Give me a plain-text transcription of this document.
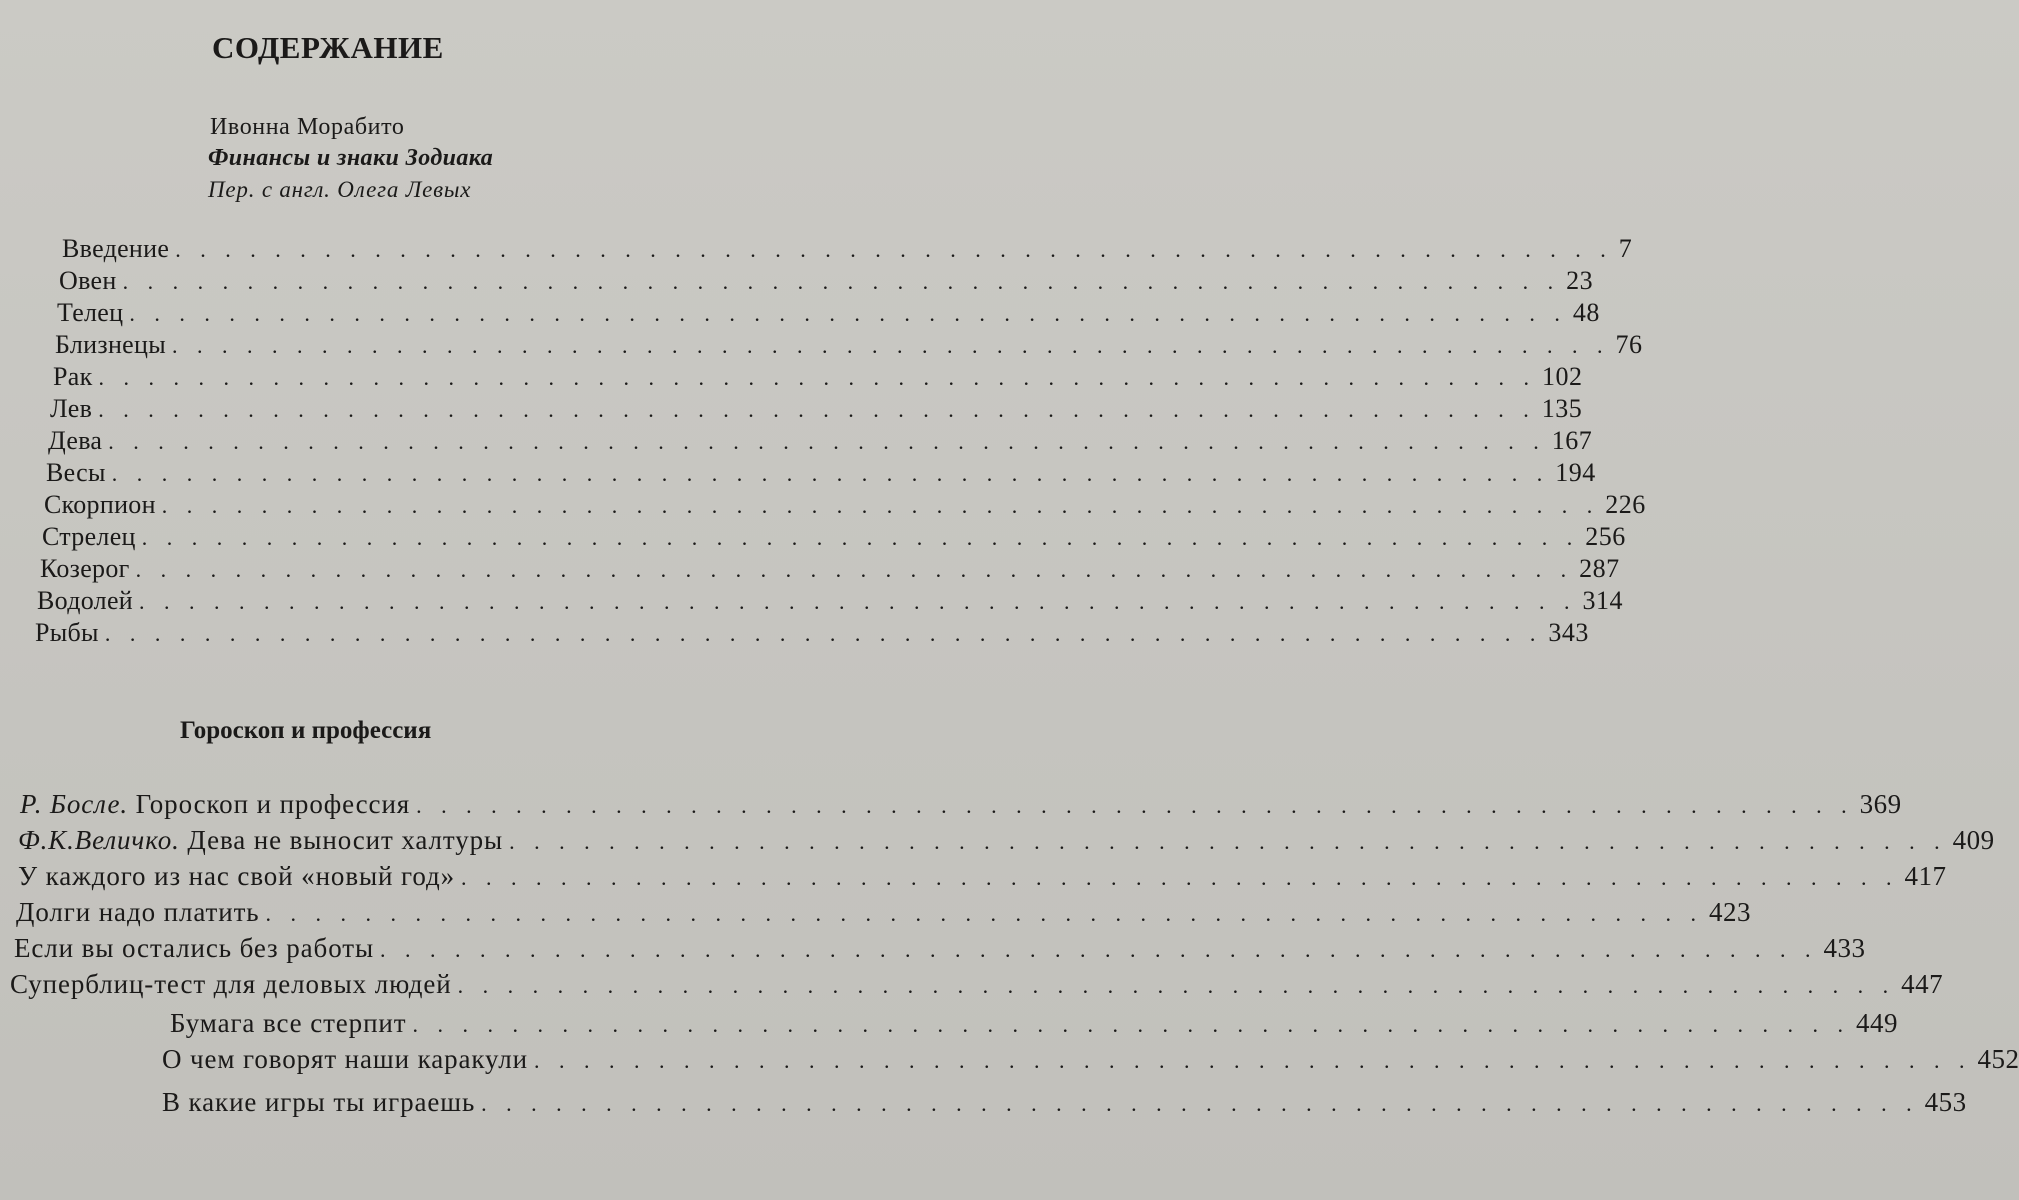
СОДЕРЖАНИЕ
Ивонна Морабито
Финансы и знаки Зодиака
Пер. с англ. Олега Левых
Введение . . . . . . . . . . . . . . . . . . . . . . . . . . . . . . . . . . . . . . . . . . . . . . . . . . . . . . . . . . 7
Овен . . . . . . . . . . . . . . . . . . . . . . . . . . . . . . . . . . . . . . . . . . . . . . . . . . . . . . . . . . 23
Телец . . . . . . . . . . . . . . . . . . . . . . . . . . . . . . . . . . . . . . . . . . . . . . . . . . . . . . . . . . 48
Близнецы . . . . . . . . . . . . . . . . . . . . . . . . . . . . . . . . . . . . . . . . . . . . . . . . . . . . . . . . . . 76
Рак . . . . . . . . . . . . . . . . . . . . . . . . . . . . . . . . . . . . . . . . . . . . . . . . . . . . . . . . . . 102
Лев . . . . . . . . . . . . . . . . . . . . . . . . . . . . . . . . . . . . . . . . . . . . . . . . . . . . . . . . . . 135
Дева . . . . . . . . . . . . . . . . . . . . . . . . . . . . . . . . . . . . . . . . . . . . . . . . . . . . . . . . . . 167
Весы . . . . . . . . . . . . . . . . . . . . . . . . . . . . . . . . . . . . . . . . . . . . . . . . . . . . . . . . . . 194
Скорпион . . . . . . . . . . . . . . . . . . . . . . . . . . . . . . . . . . . . . . . . . . . . . . . . . . . . . . . . . . 226
Стрелец . . . . . . . . . . . . . . . . . . . . . . . . . . . . . . . . . . . . . . . . . . . . . . . . . . . . . . . . . . 256
Козерог . . . . . . . . . . . . . . . . . . . . . . . . . . . . . . . . . . . . . . . . . . . . . . . . . . . . . . . . . . 287
Водолей . . . . . . . . . . . . . . . . . . . . . . . . . . . . . . . . . . . . . . . . . . . . . . . . . . . . . . . . . . 314
Рыбы . . . . . . . . . . . . . . . . . . . . . . . . . . . . . . . . . . . . . . . . . . . . . . . . . . . . . . . . . . 343
Гороскоп и профессия
Р. Босле. Гороскоп и профессия . . . . . . . . . . . . . . . . . . . . . . . . . . . . . . . . . . . . . . . . . . . . . . . . . . . . . . . . . . 369
Ф.К.Величко. Дева не выносит халтуры . . . . . . . . . . . . . . . . . . . . . . . . . . . . . . . . . . . . . . . . . . . . . . . . . . . . . . . . . . 409
У каждого из нас свой «новый год» . . . . . . . . . . . . . . . . . . . . . . . . . . . . . . . . . . . . . . . . . . . . . . . . . . . . . . . . . . 417
Долги надо платить . . . . . . . . . . . . . . . . . . . . . . . . . . . . . . . . . . . . . . . . . . . . . . . . . . . . . . . . . . 423
Если вы остались без работы . . . . . . . . . . . . . . . . . . . . . . . . . . . . . . . . . . . . . . . . . . . . . . . . . . . . . . . . . . 433
Суперблиц-тест для деловых людей . . . . . . . . . . . . . . . . . . . . . . . . . . . . . . . . . . . . . . . . . . . . . . . . . . . . . . . . . . 447
Бумага все стерпит . . . . . . . . . . . . . . . . . . . . . . . . . . . . . . . . . . . . . . . . . . . . . . . . . . . . . . . . . . 449
О чем говорят наши каракули . . . . . . . . . . . . . . . . . . . . . . . . . . . . . . . . . . . . . . . . . . . . . . . . . . . . . . . . . . 452
В какие игры ты играешь . . . . . . . . . . . . . . . . . . . . . . . . . . . . . . . . . . . . . . . . . . . . . . . . . . . . . . . . . . 453
